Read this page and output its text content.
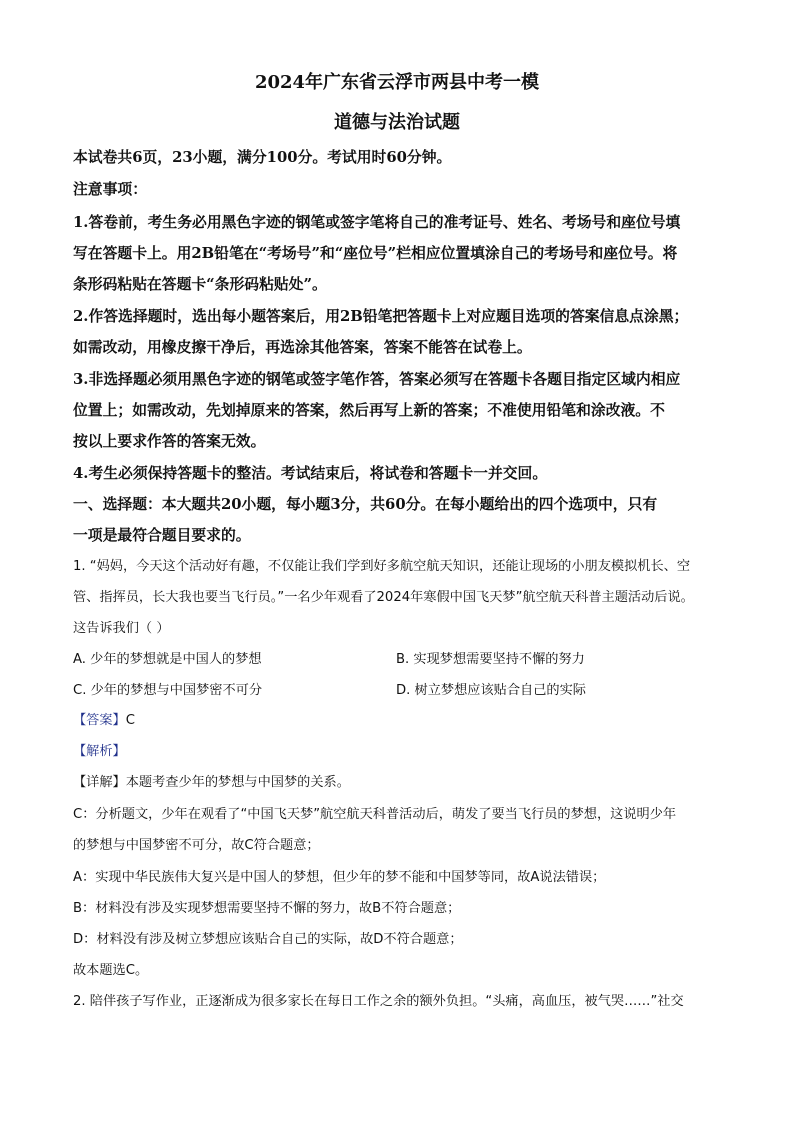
2024年广东省云浮市两县中考一模
道德与法治试题
本试卷共6页，23小题，满分100分。考试用时60分钟。
注意事项：
1.答卷前，考生务必用黑色字迹的钢笔或签字笔将自己的准考证号、姓名、考场号和座位号填
写在答题卡上。用2B铅笔在“考场号”和“座位号”栏相应位置填涂自己的考场号和座位号。将
条形码粘贴在答题卡“条形码粘贴处”。
2.作答选择题时，选出每小题答案后，用2B铅笔把答题卡上对应题目选项的答案信息点涂黑；
如需改动，用橡皮擦干净后，再选涂其他答案，答案不能答在试卷上。
3.非选择题必须用黑色字迹的钢笔或签字笔作答，答案必须写在答题卡各题目指定区域内相应
位置上；如需改动，先划掉原来的答案，然后再写上新的答案；不准使用铅笔和涂改液。不
按以上要求作答的答案无效。
4.考生必须保持答题卡的整洁。考试结束后，将试卷和答题卡一并交回。
一、选择题：本大题共20小题，每小题3分，共60分。在每小题给出的四个选项中，只有
一项是最符合题目要求的。
1. “妈妈，今天这个活动好有趣，不仅能让我们学到好多航空航天知识，还能让现场的小朋友模拟机长、空
管、指挥员，长大我也要当飞行员。”一名少年观看了2024年寒假中国飞天梦”航空航天科普主题活动后说。
这告诉我们（ ）
A. 少年的梦想就是中国人的梦想	B. 实现梦想需要坚持不懈的努力
C. 少年的梦想与中国梦密不可分	D. 树立梦想应该贴合自己的实际
【答案】C
【解析】
【详解】本题考查少年的梦想与中国梦的关系。
C：分析题文，少年在观看了“中国飞天梦”航空航天科普活动后，萌发了要当飞行员的梦想，这说明少年
的梦想与中国梦密不可分，故C符合题意；
A：实现中华民族伟大复兴是中国人的梦想，但少年的梦不能和中国梦等同，故A说法错误；
B：材料没有涉及实现梦想需要坚持不懈的努力，故B不符合题意；
D：材料没有涉及树立梦想应该贴合自己的实际，故D不符合题意；
故本题选C。
2. 陪伴孩子写作业，正逐渐成为很多家长在每日工作之余的额外负担。“头痛，高血压，被气哭……”社交
